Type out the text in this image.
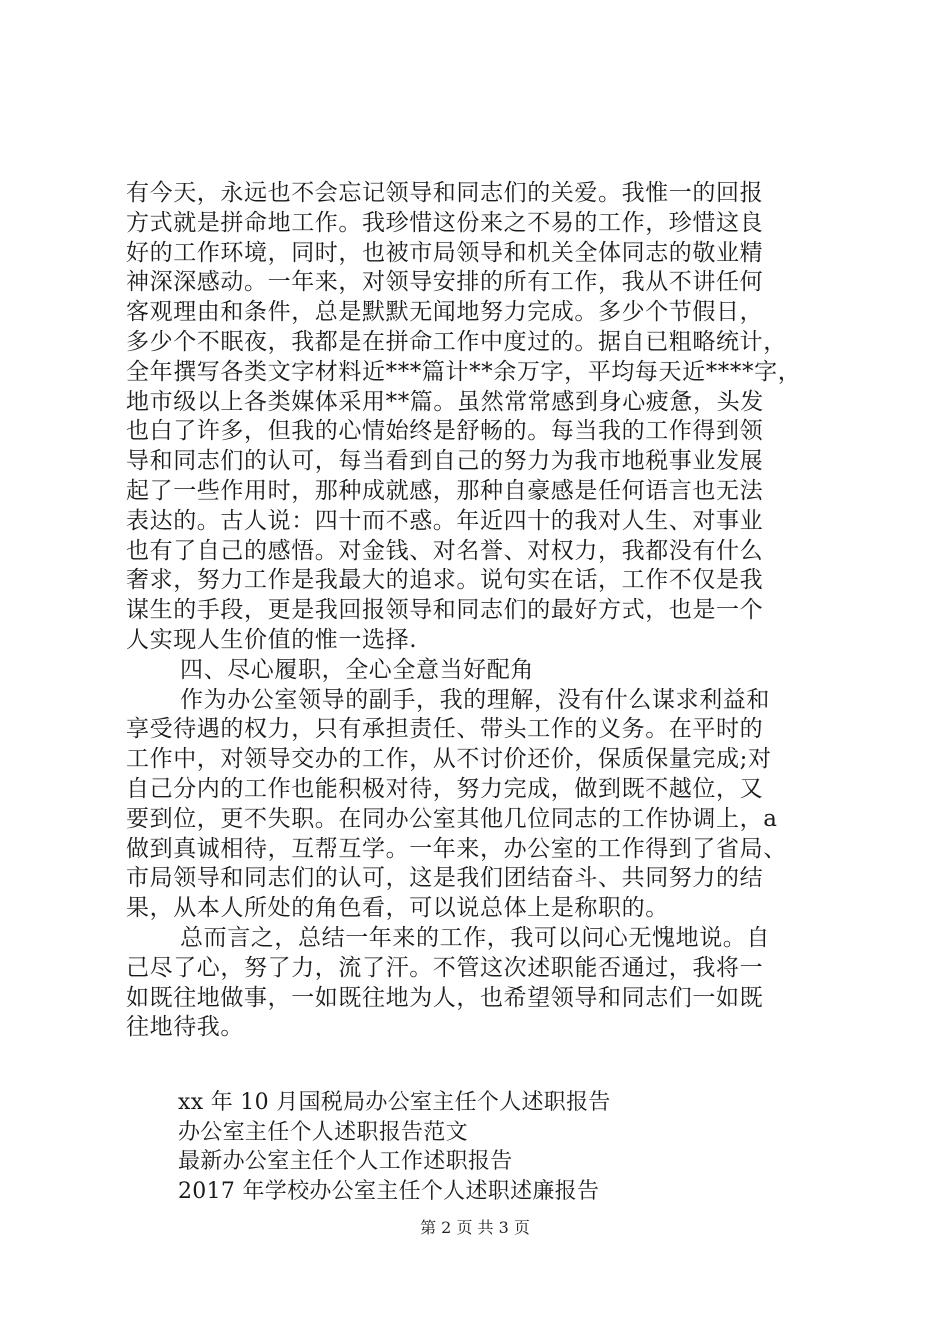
有今天，永远也不会忘记领导和同志们的关爱。我惟一的回报
方式就是拼命地工作。我珍惜这份来之不易的工作，珍惜这良
好的工作环境，同时，也被市局领导和机关全体同志的敬业精
神深深感动。一年来，对领导安排的所有工作，我从不讲任何
客观理由和条件，总是默默无闻地努力完成。多少个节假日，
多少个不眠夜，我都是在拼命工作中度过的。据自已粗略统计，
全年撰写各类文字材料近***篇计**余万字，平均每天近****字，
地市级以上各类媒体采用**篇。虽然常常感到身心疲惫，头发
也白了许多，但我的心情始终是舒畅的。每当我的工作得到领
导和同志们的认可，每当看到自己的努力为我市地税事业发展
起了一些作用时，那种成就感，那种自豪感是任何语言也无法
表达的。古人说：四十而不惑。年近四十的我对人生、对事业
也有了自己的感悟。对金钱、对名誉、对权力，我都没有什么
奢求，努力工作是我最大的追求。说句实在话，工作不仅是我
谋生的手段，更是我回报领导和同志们的最好方式，也是一个
人实现人生价值的惟一选择.
四、尽心履职，全心全意当好配角
作为办公室领导的副手，我的理解，没有什么谋求利益和
享受待遇的权力，只有承担责任、带头工作的义务。在平时的
工作中，对领导交办的工作，从不讨价还价，保质保量完成;对
自己分内的工作也能积极对待，努力完成，做到既不越位，又
要到位，更不失职。在同办公室其他几位同志的工作协调上，a
做到真诚相待，互帮互学。一年来，办公室的工作得到了省局、
市局领导和同志们的认可，这是我们团结奋斗、共同努力的结
果，从本人所处的角色看，可以说总体上是称职的。
总而言之，总结一年来的工作，我可以问心无愧地说。自
己尽了心，努了力，流了汗。不管这次述职能否通过，我将一
如既往地做事，一如既往地为人，也希望领导和同志们一如既
往地待我。
xx 年 10 月国税局办公室主任个人述职报告
办公室主任个人述职报告范文
最新办公室主任个人工作述职报告
2017 年学校办公室主任个人述职述廉报告
第 2 页 共 3 页
